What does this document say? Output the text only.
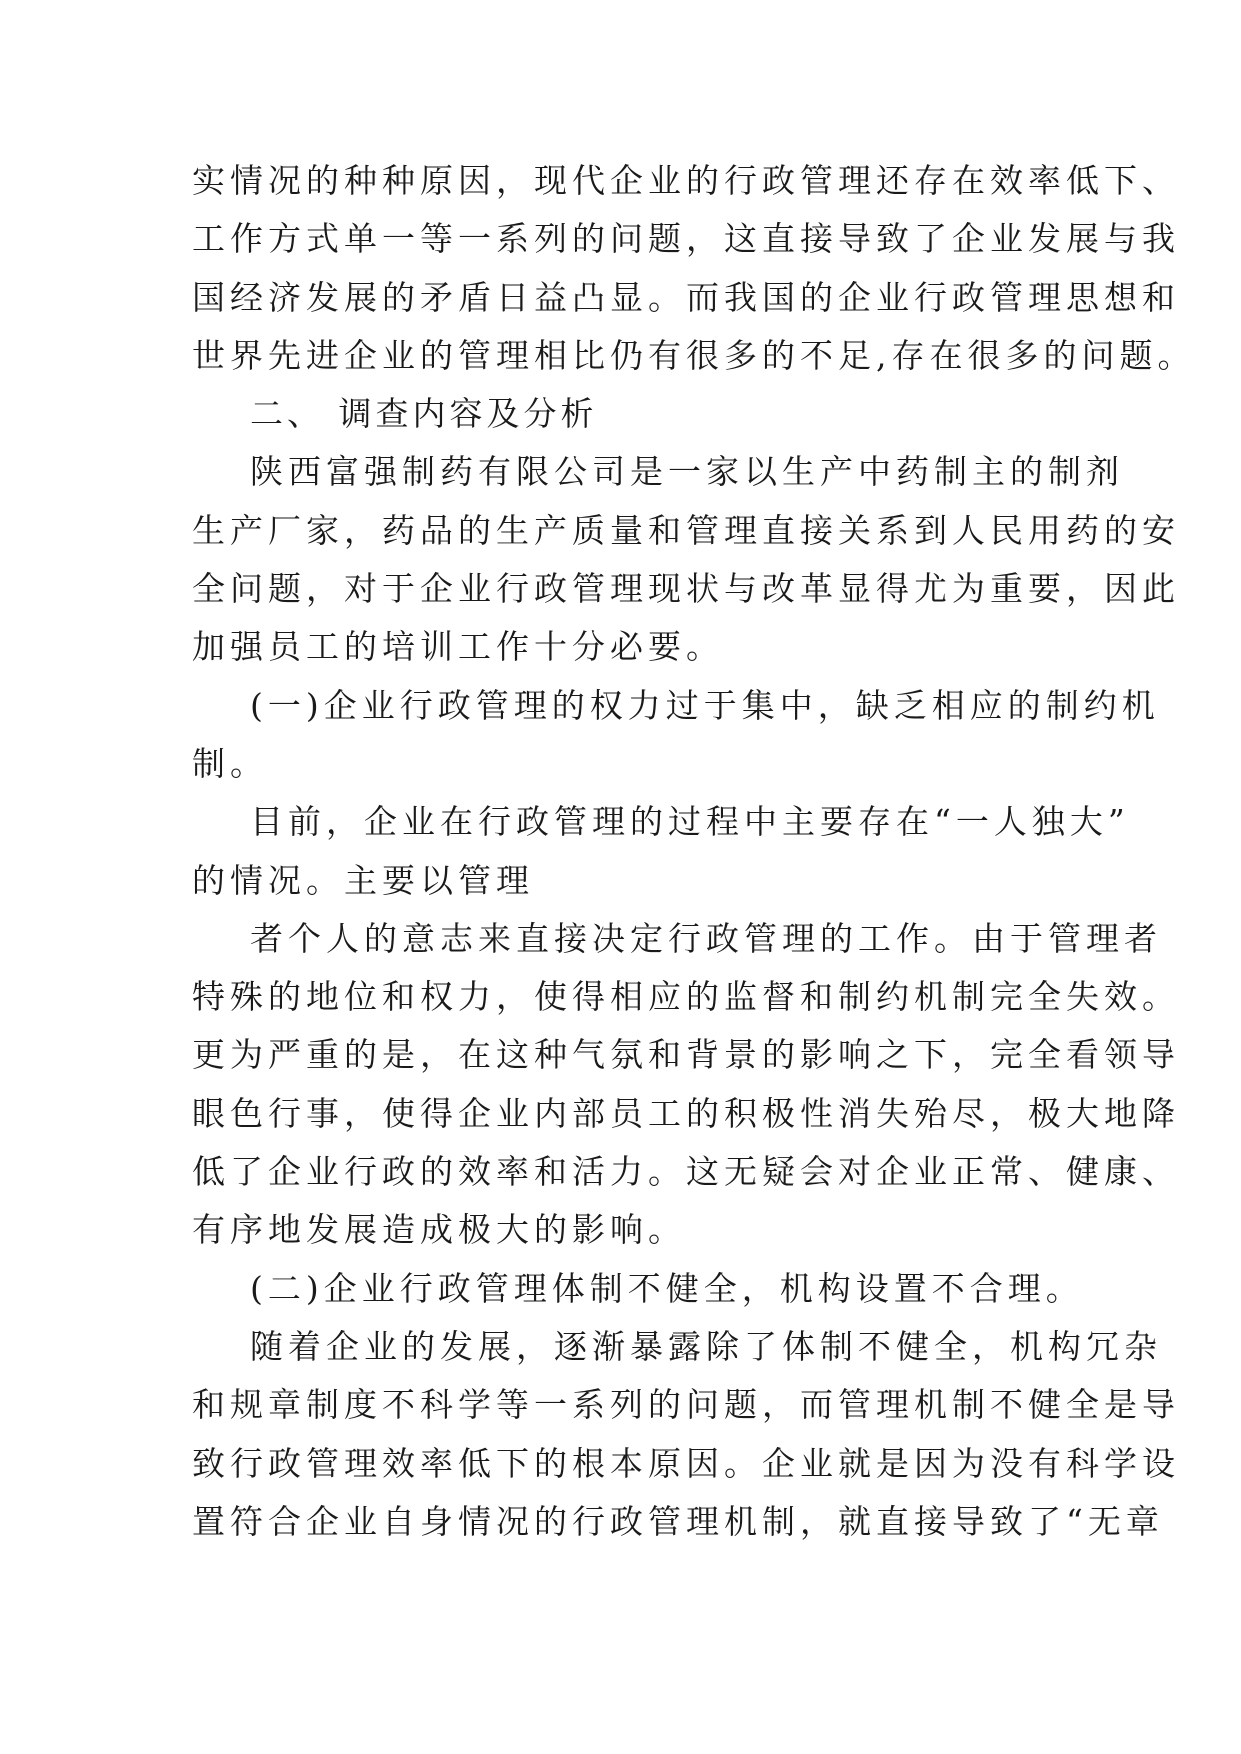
实情况的种种原因，现代企业的行政管理还存在效率低下、
工作方式单一等一系列的问题，这直接导致了企业发展与我
国经济发展的矛盾日益凸显。而我国的企业行政管理思想和
世界先进企业的管理相比仍有很多的不足,存在很多的问题。
二、 调查内容及分析
陕西富强制药有限公司是一家以生产中药制主的制剂
生产厂家，药品的生产质量和管理直接关系到人民用药的安
全问题，对于企业行政管理现状与改革显得尤为重要，因此
加强员工的培训工作十分必要。
(一)企业行政管理的权力过于集中，缺乏相应的制约机
制。
目前，企业在行政管理的过程中主要存在“一人独大”
的情况。主要以管理
者个人的意志来直接决定行政管理的工作。由于管理者
特殊的地位和权力，使得相应的监督和制约机制完全失效。
更为严重的是，在这种气氛和背景的影响之下，完全看领导
眼色行事，使得企业内部员工的积极性消失殆尽，极大地降
低了企业行政的效率和活力。这无疑会对企业正常、健康、
有序地发展造成极大的影响。
(二)企业行政管理体制不健全，机构设置不合理。
随着企业的发展，逐渐暴露除了体制不健全，机构冗杂
和规章制度不科学等一系列的问题，而管理机制不健全是导
致行政管理效率低下的根本原因。企业就是因为没有科学设
置符合企业自身情况的行政管理机制，就直接导致了“无章
